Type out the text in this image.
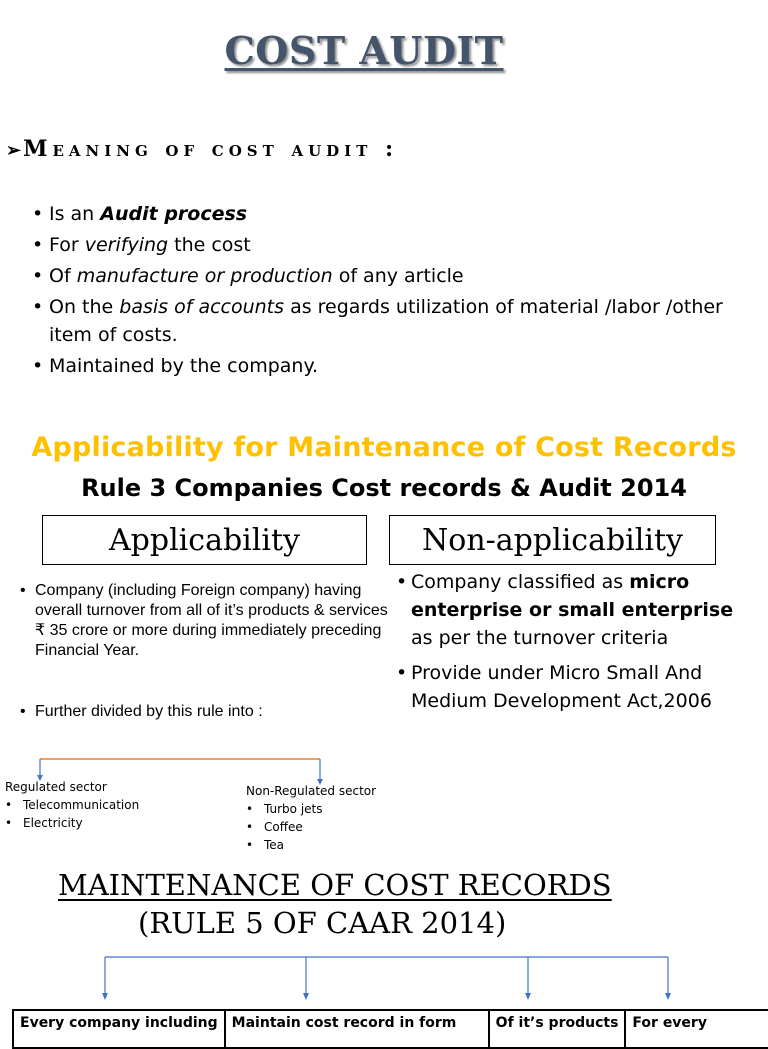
COST AUDIT
➢Meaning of cost audit :
• Is an Audit process
• For verifying the cost
• Of manufacture or production of any article
• On the basis of accounts as regards utilization of material /labor /other item of costs.
• Maintained by the company.
Applicability for Maintenance of Cost Records
Rule 3 Companies Cost records & Audit 2014
Applicability	Non-applicability
• Company (including Foreign company) having overall turnover from all of it’s products & services ₹ 35 crore or more during immediately preceding Financial Year.
• Further divided by this rule into :
• Company classified as micro enterprise or small enterprise as per the turnover criteria
• Provide under Micro Small And Medium Development Act,2006
Regulated sector
• Telecommunication
• Electricity
Non-Regulated sector
• Turbo jets
• Coffee
• Tea
MAINTENANCE OF COST RECORDS
(RULE 5 OF CAAR 2014)
Every company including	Maintain cost record in form	Of it’s products	For every
